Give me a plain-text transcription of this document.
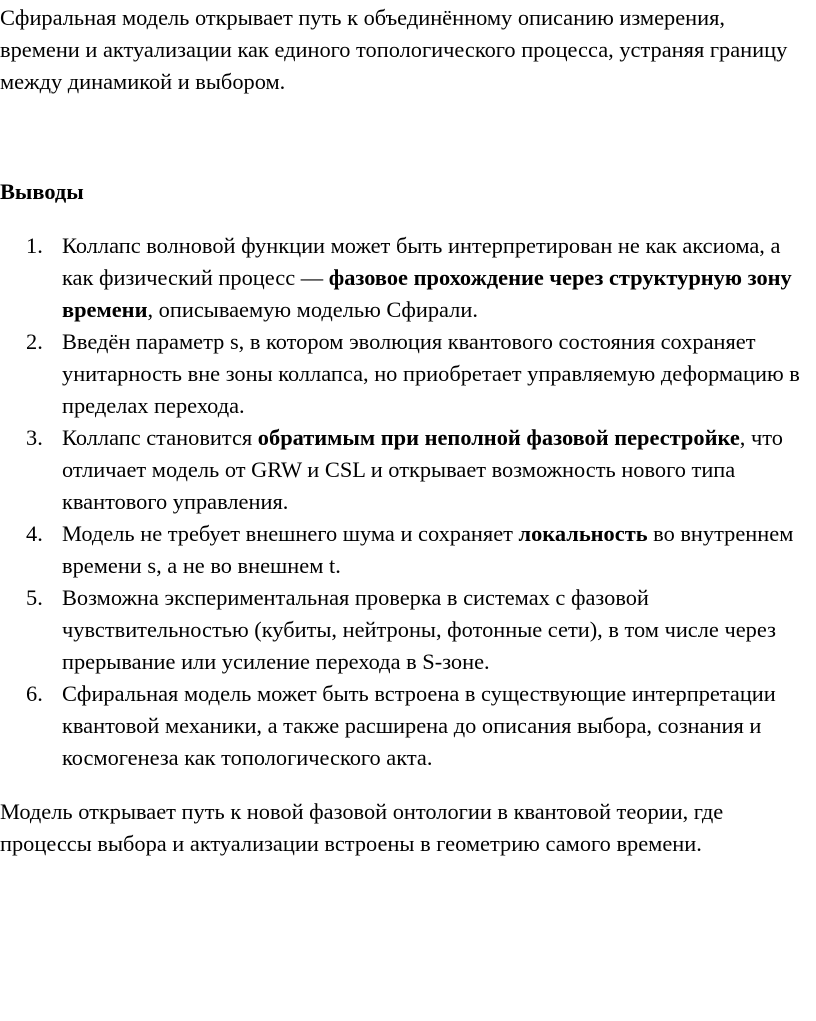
Сфиральная модель открывает путь к объединённому описанию измерения, времени и актуализации как единого топологического процесса, устраняя границу между динамикой и выбором.

Выводы
1. Коллапс волновой функции может быть интерпретирован не как аксиома, а как физический процесс — фазовое прохождение через структурную зону времени, описываемую моделью Сфирали.
2. Введён параметр s, в котором эволюция квантового состояния сохраняет унитарность вне зоны коллапса, но приобретает управляемую деформацию в пределах перехода.
3. Коллапс становится обратимым при неполной фазовой перестройке, что отличает модель от GRW и CSL и открывает возможность нового типа квантового управления.
4. Модель не требует внешнего шума и сохраняет локальность во внутреннем времени s, а не во внешнем t.
5. Возможна экспериментальная проверка в системах с фазовой чувствительностью (кубиты, нейтроны, фотонные сети), в том числе через прерывание или усиление перехода в S-зоне.
6. Сфиральная модель может быть встроена в существующие интерпретации квантовой механики, а также расширена до описания выбора, сознания и космогенеза как топологического акта.

Модель открывает путь к новой фазовой онтологии в квантовой теории, где процессы выбора и актуализации встроены в геометрию самого времени.
